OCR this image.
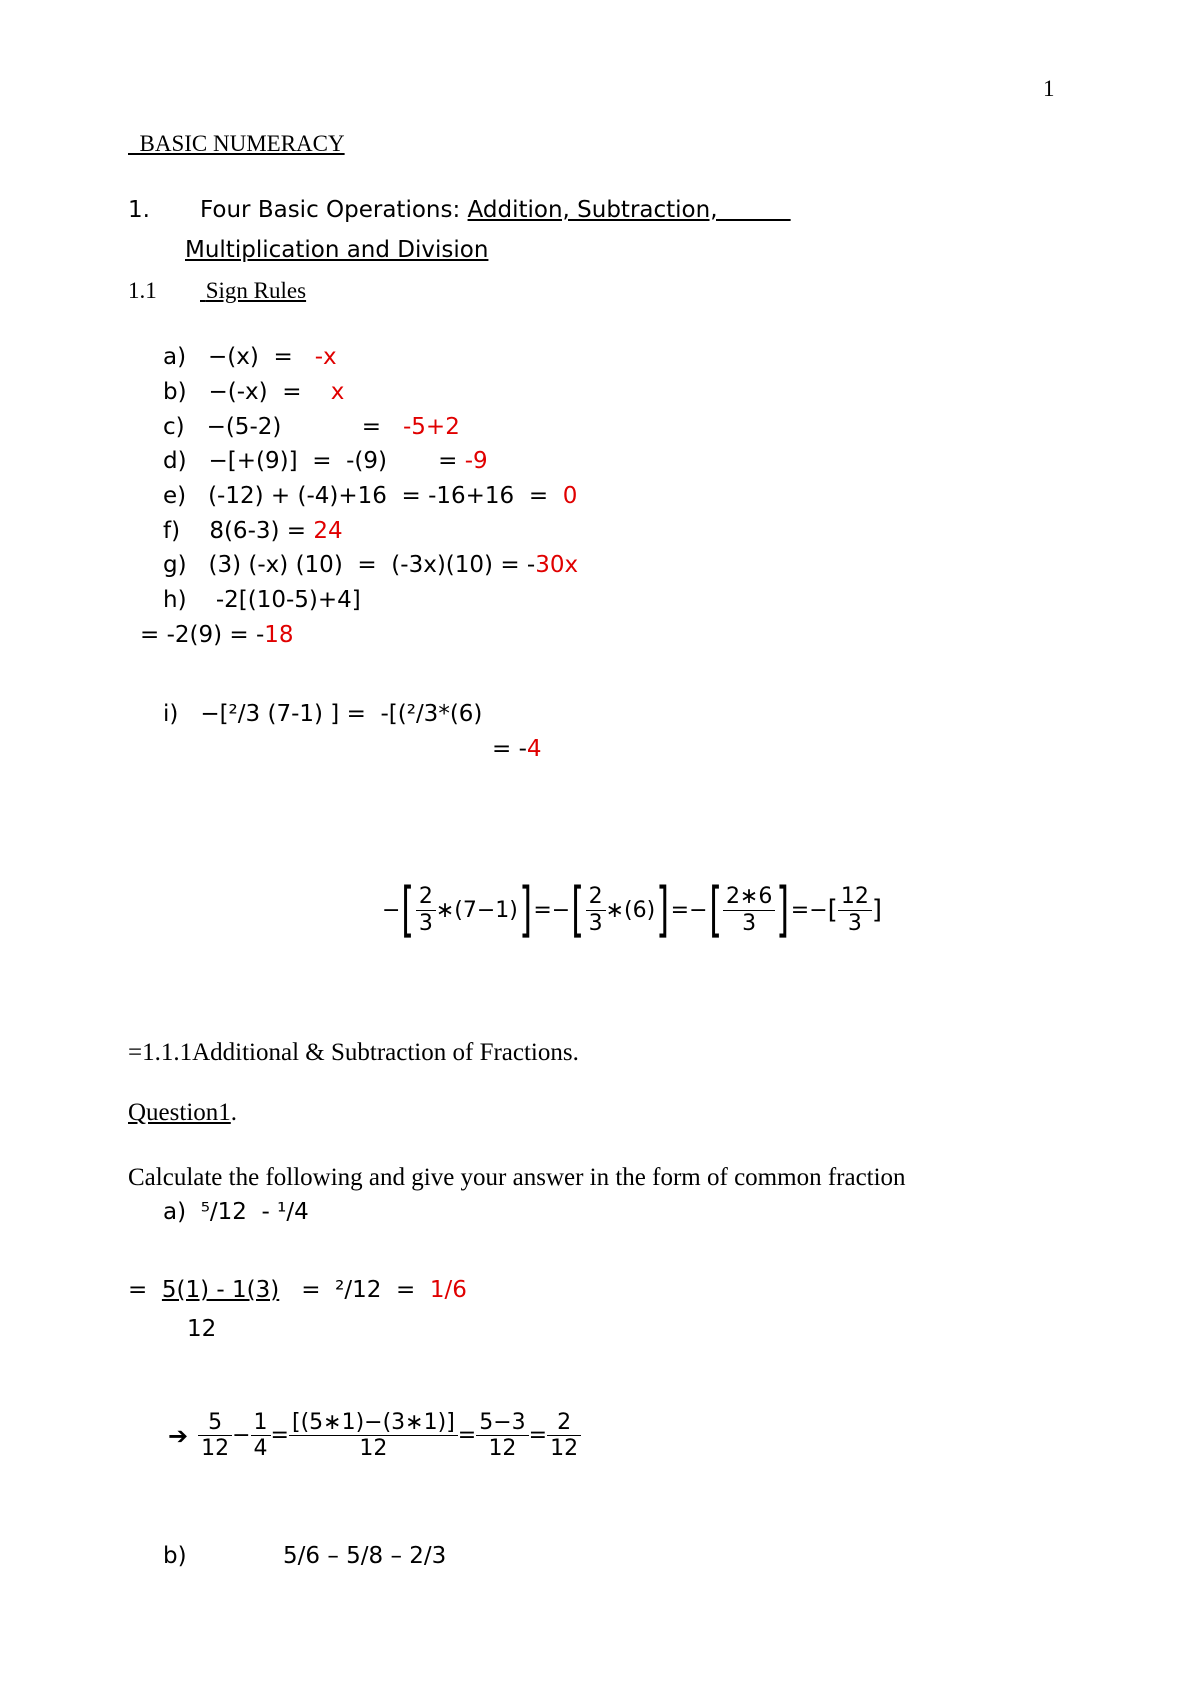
1
BASIC NUMERACY
1. Four Basic Operations: Addition, Subtraction,
Multiplication and Division
1.1 Sign Rules
a) −(x)  = -x
b) −(-x)  = x
c) −(5-2)           = -5+2
d) −[+(9)]  =  -(9)       = -9
e) (-12) + (-4)+16  = -16+16  = 0
f) 8(6-3) = 24
g) (3) (-x) (10)  =  (-3x)(10) = -30x
h) -2[(10-5)+4]
= -2(9) = -18
i) −[²/3 (7-1) ] =  -[(²/3*(6)
= -4
− [ $\frac{2}{3}$ ∗(7−1) ] =− [ $\frac{2}{3}$ ∗(6) ] =− [ $\frac{2∗6}{3}$ ] =− [ $\frac{12}{3}$ ]
=1.1.1Additional & Subtraction of Fractions.
Question1.
Calculate the following and give your answer in the form of common fraction
a) ⁵/12  - ¹/4
= 5(1) - 1(3) =  ²/12  = 1/6
12
➔ $\frac{5}{12} - \frac{1}{4} = \frac{[(5∗1)-(3∗1)]}{12} = \frac{5-3}{12} = \frac{2}{12}$
b)	5/6 – 5/8 – 2/3
